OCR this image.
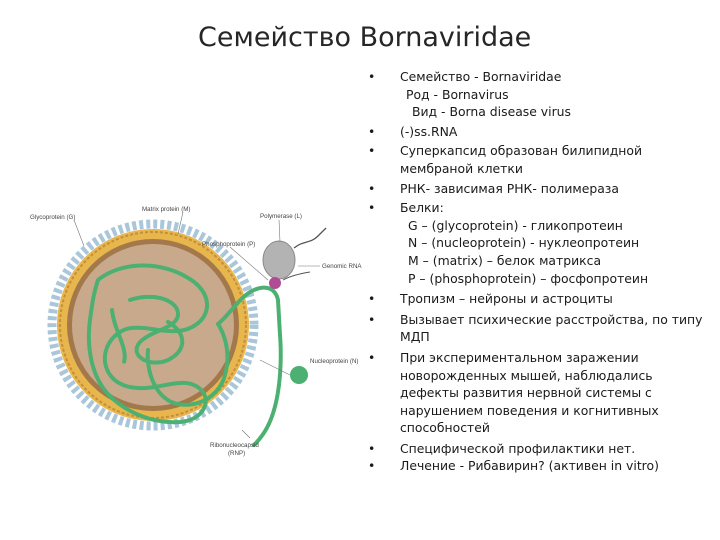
Семейство Bornaviridae
Glycoprotein (G)
Matrix protein (M)
Polymerase (L)
Phosphoprotein (P)
Genomic RNA
Nucleoprotein (N)
Ribonucleocapsid
(RNP)
• Семейство - Bornaviridae
Род - Bornavirus
Вид - Borna disease virus
• (-)ss.RNA
• Суперкапсид образован билипидной
мембраной клетки
• РНК- зависимая РНК- полимераза
• Белки:
G – (glycoprotein) - гликопротеин
N – (nucleoprotein) - нуклеопротеин
M – (matrix) – белок матрикса
P – (phosphoprotein) – фосфопротеин
• Тропизм – нейроны и астроциты
• Вызывает психические расстройства, по типу
МДП
• При экспериментальном заражении
новорожденных мышей, наблюдались
дефекты развития нервной системы с
нарушением поведения и когнитивных
способностей
• Специфической профилактики нет.
• Лечение - Рибавирин? (активен in vitro)
